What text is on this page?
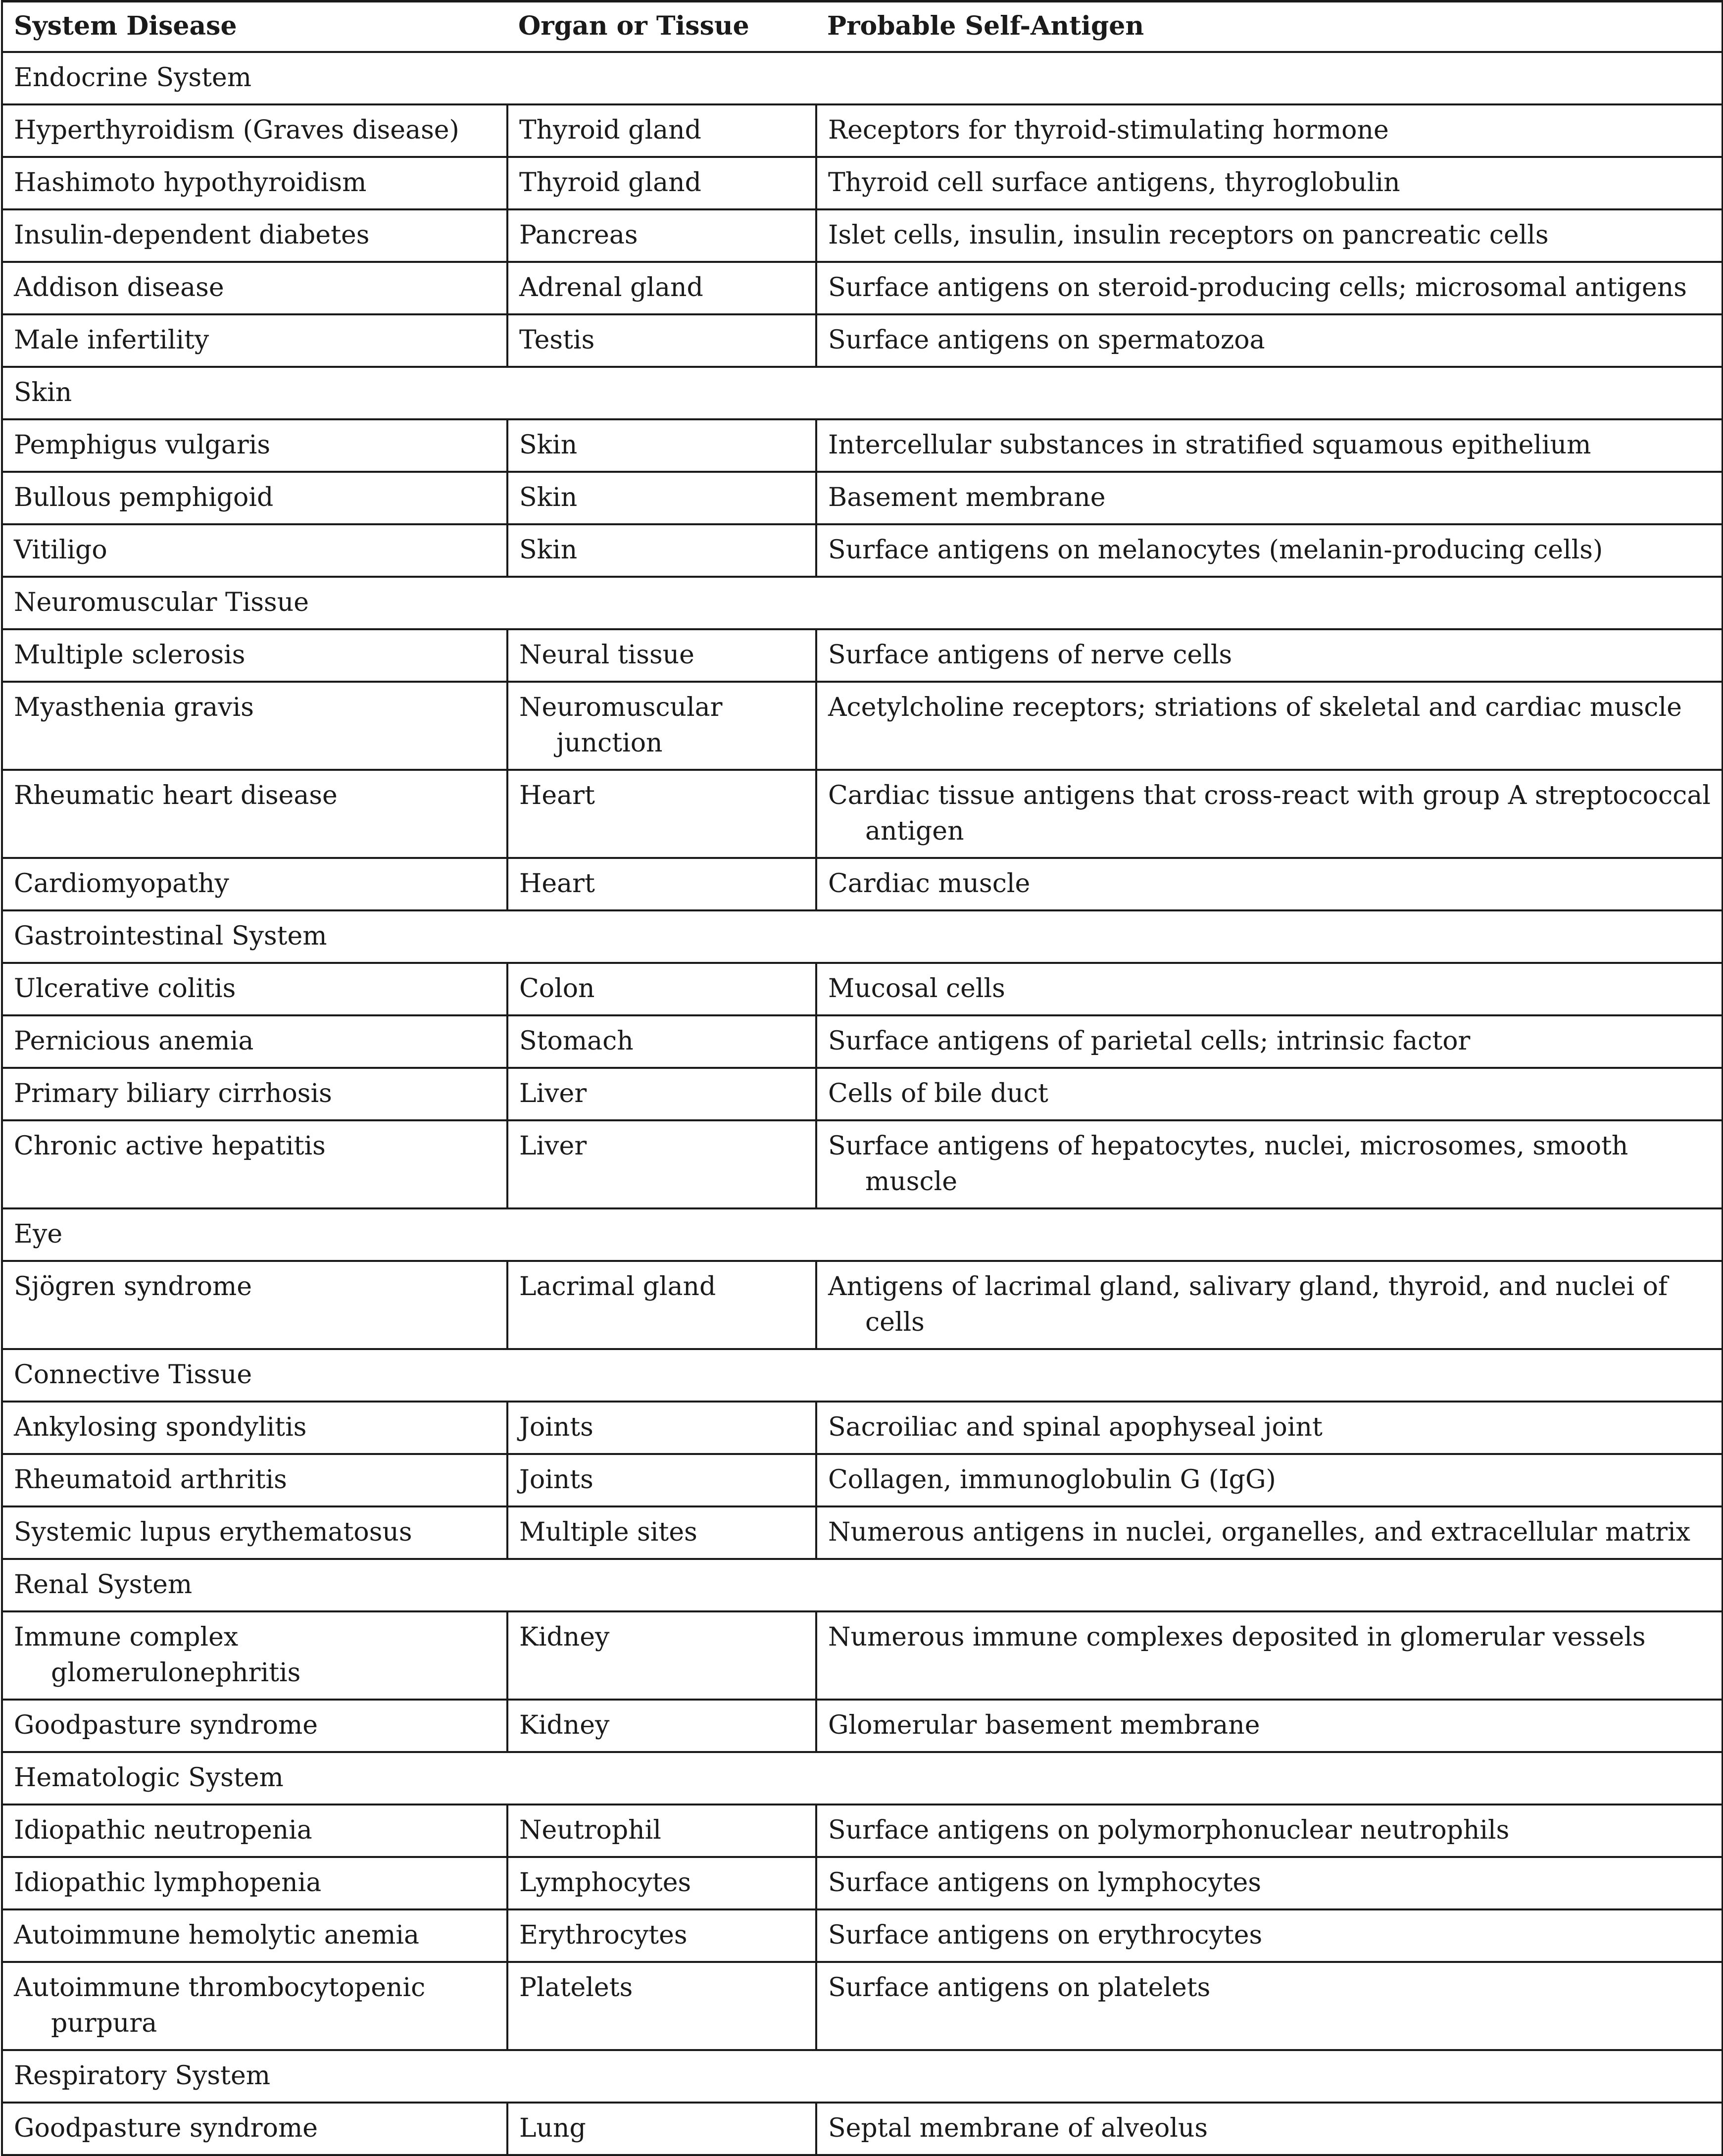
System Disease	Organ or Tissue	Probable Self-Antigen
Endocrine System		

Hyperthyroidism (Graves disease)	Thyroid gland	Receptors for thyroid-stimulating hormone

Hashimoto hypothyroidism	Thyroid gland	Thyroid cell surface antigens, thyroglobulin

Insulin-dependent diabetes	Pancreas	Islet cells, insulin, insulin receptors on pancreatic cells

Addison disease	Adrenal gland	Surface antigens on steroid-producing cells; microsomal antigens

Male infertility	Testis	Surface antigens on spermatozoa

Skin		

Pemphigus vulgaris	Skin	Intercellular substances in stratified squamous epithelium

Bullous pemphigoid	Skin	Basement membrane

Vitiligo	Skin	Surface antigens on melanocytes (melanin-producing cells)

Neuromuscular Tissue		

Multiple sclerosis	Neural tissue	Surface antigens of nerve cells

Myasthenia gravis	Neuromuscular junction	Acetylcholine receptors; striations of skeletal and cardiac muscle

Rheumatic heart disease	Heart	Cardiac tissue antigens that cross-react with group A streptococcal antigen

Cardiomyopathy	Heart	Cardiac muscle

Gastrointestinal System		

Ulcerative colitis	Colon	Mucosal cells

Pernicious anemia	Stomach	Surface antigens of parietal cells; intrinsic factor

Primary biliary cirrhosis	Liver	Cells of bile duct

Chronic active hepatitis	Liver	Surface antigens of hepatocytes, nuclei, microsomes, smooth muscle

Eye		

Sjögren syndrome	Lacrimal gland	Antigens of lacrimal gland, salivary gland, thyroid, and nuclei of cells

Connective Tissue		

Ankylosing spondylitis	Joints	Sacroiliac and spinal apophyseal joint

Rheumatoid arthritis	Joints	Collagen, immunoglobulin G (IgG)

Systemic lupus erythematosus	Multiple sites	Numerous antigens in nuclei, organelles, and extracellular matrix

Renal System		

Immune complex glomerulonephritis	Kidney	Numerous immune complexes deposited in glomerular vessels

Goodpasture syndrome	Kidney	Glomerular basement membrane

Hematologic System		

Idiopathic neutropenia	Neutrophil	Surface antigens on polymorphonuclear neutrophils

Idiopathic lymphopenia	Lymphocytes	Surface antigens on lymphocytes

Autoimmune hemolytic anemia	Erythrocytes	Surface antigens on erythrocytes

Autoimmune thrombocytopenic purpura	Platelets	Surface antigens on platelets

Respiratory System		

Goodpasture syndrome	Lung	Septal membrane of alveolus
